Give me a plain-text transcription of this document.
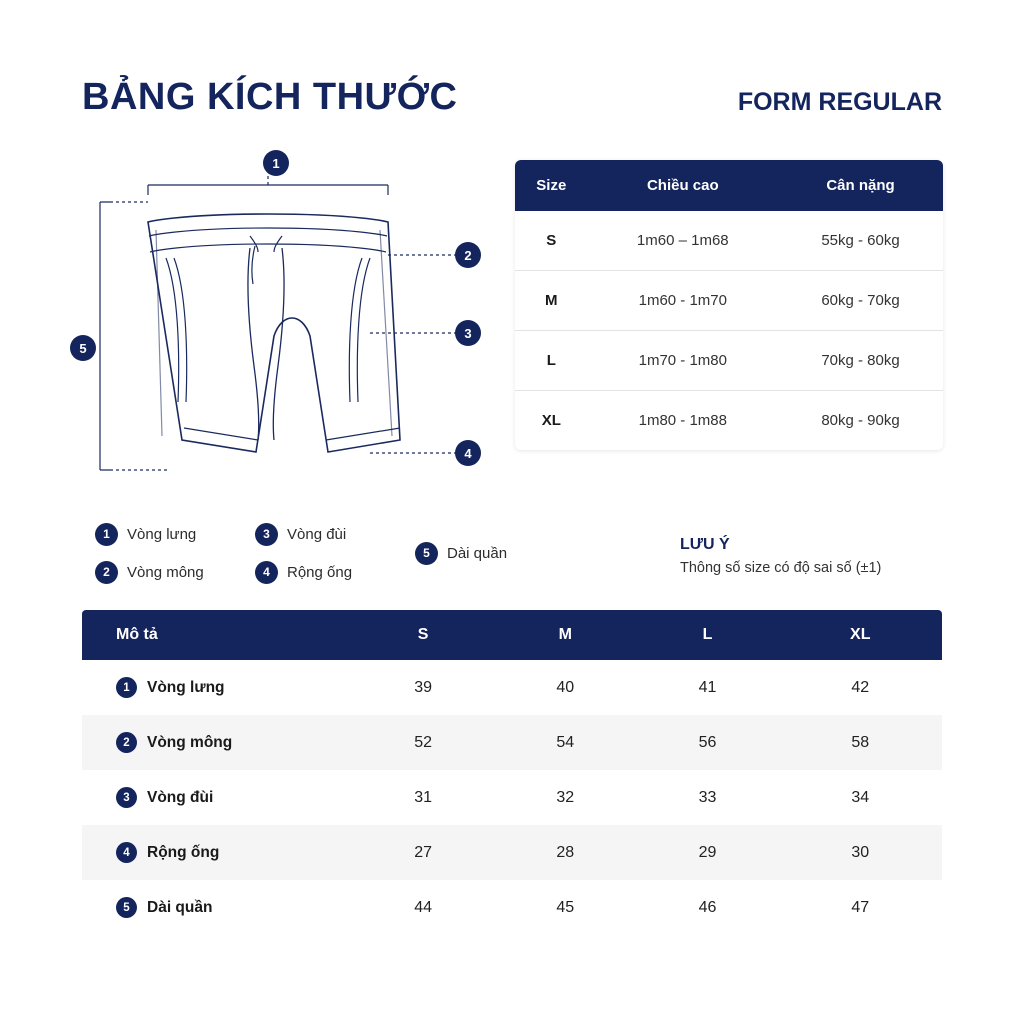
BẢNG KÍCH THƯỚC	FORM REGULAR
1
2
3
4
5
1	Vòng lưng	3	Vòng đùi
5	Dài quần
2	Vòng mông	4	Rộng ống
Size	Chiều cao	Cân nặng
S	1m60 – 1m68	55kg - 60kg
M	1m60 - 1m70	60kg - 70kg
L	1m70 - 1m80	70kg - 80kg
XL	1m80 - 1m88	80kg - 90kg
LƯU Ý
Thông số size có độ sai số (±1)
Mô tả	S	M	L	XL

1 Vòng lưng	39	40	41	42

2 Vòng mông	52	54	56	58

3 Vòng đùi	31	32	33	34

4 Rộng ống	27	28	29	30

5 Dài quần	44	45	46	47
